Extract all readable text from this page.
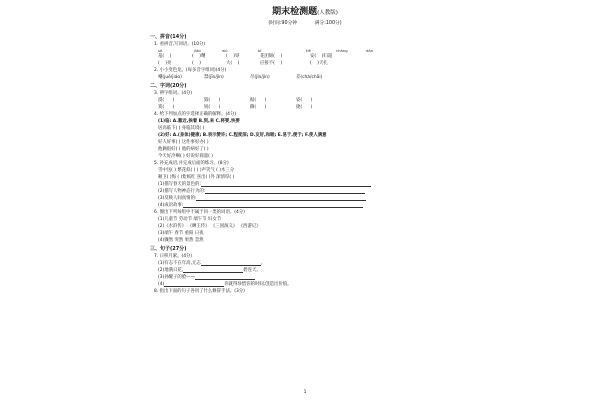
期末检测题(人教版)
(时间:90分钟	满分:100分)
一、拼音(14分)
1. 看拼音,写词语。(10分)
sè	jiǎo	wǔ	bǐ	tiě	chàng	dān
羞(    )	(    )曙	(    )辱	花团锦(    )	安(    )归超
(    )亮	(    )	大(    )	应接不(    )	(    )天扎
2. 小小变色龙。(每多音字组词)(4分)
嘲(juē/jiáo)	禁(jīn/jìn)	尽(jǐn/jìn)	差(chà/chāi)
二、字词(20分)
3. 辨字组词。(4分)
漠(      )	毁(      )	据(      )	姿(      )
寞(      )	锐(      )	撕(      )	捷(      )
4. 给下列加点的字选择正确的解释。(4分)
(1)临: A.靠近,挨着 B.到,来 C.将要,快要
居高临下( ) 身临其境( )
(2)好: A.(身体)健康; B.表示赞许; C.程度深; D.友好,和睦; E.易于,便于; F.使人满意
好人好事( ) 这件事好办( )
他俩很好( ) 他的病好了( )
今天好冷啊( ) 好说好商量( )
5. 补充成语,并完成后面的练习。(8分)
雪中送( ) 繁花似( ) ( )声笑气 ( )木三分
顿卫( )悔 ( )紫嫣红 喜出( )外 深情厚( )
(1)描写春天的景色的:
(2)描写人物神态行为的:
(3)反映人间真情的:
(4)成语故事:
6. 圈出下列每组中不属于同一类的词语。(4分)
(1)儿童节 劳动节 端午节 妇女节
(2)《水浒传》 《蝉王传》 《三国演义》 《西游记》
(3)端午 春节 重阳 日夜
(4)骤然 突然 果然 忽然
三、句子(27分)
7. 日积月累。(4分)
(1)有志不在年高,无志	。
(2)地满日花,	碧连天。
(3)孙醒子的脸——
(4)	你就得珍惜你的时间,创造出价值。
8. 指出下面的句子各用了什么修辞手法。(3分)
1
